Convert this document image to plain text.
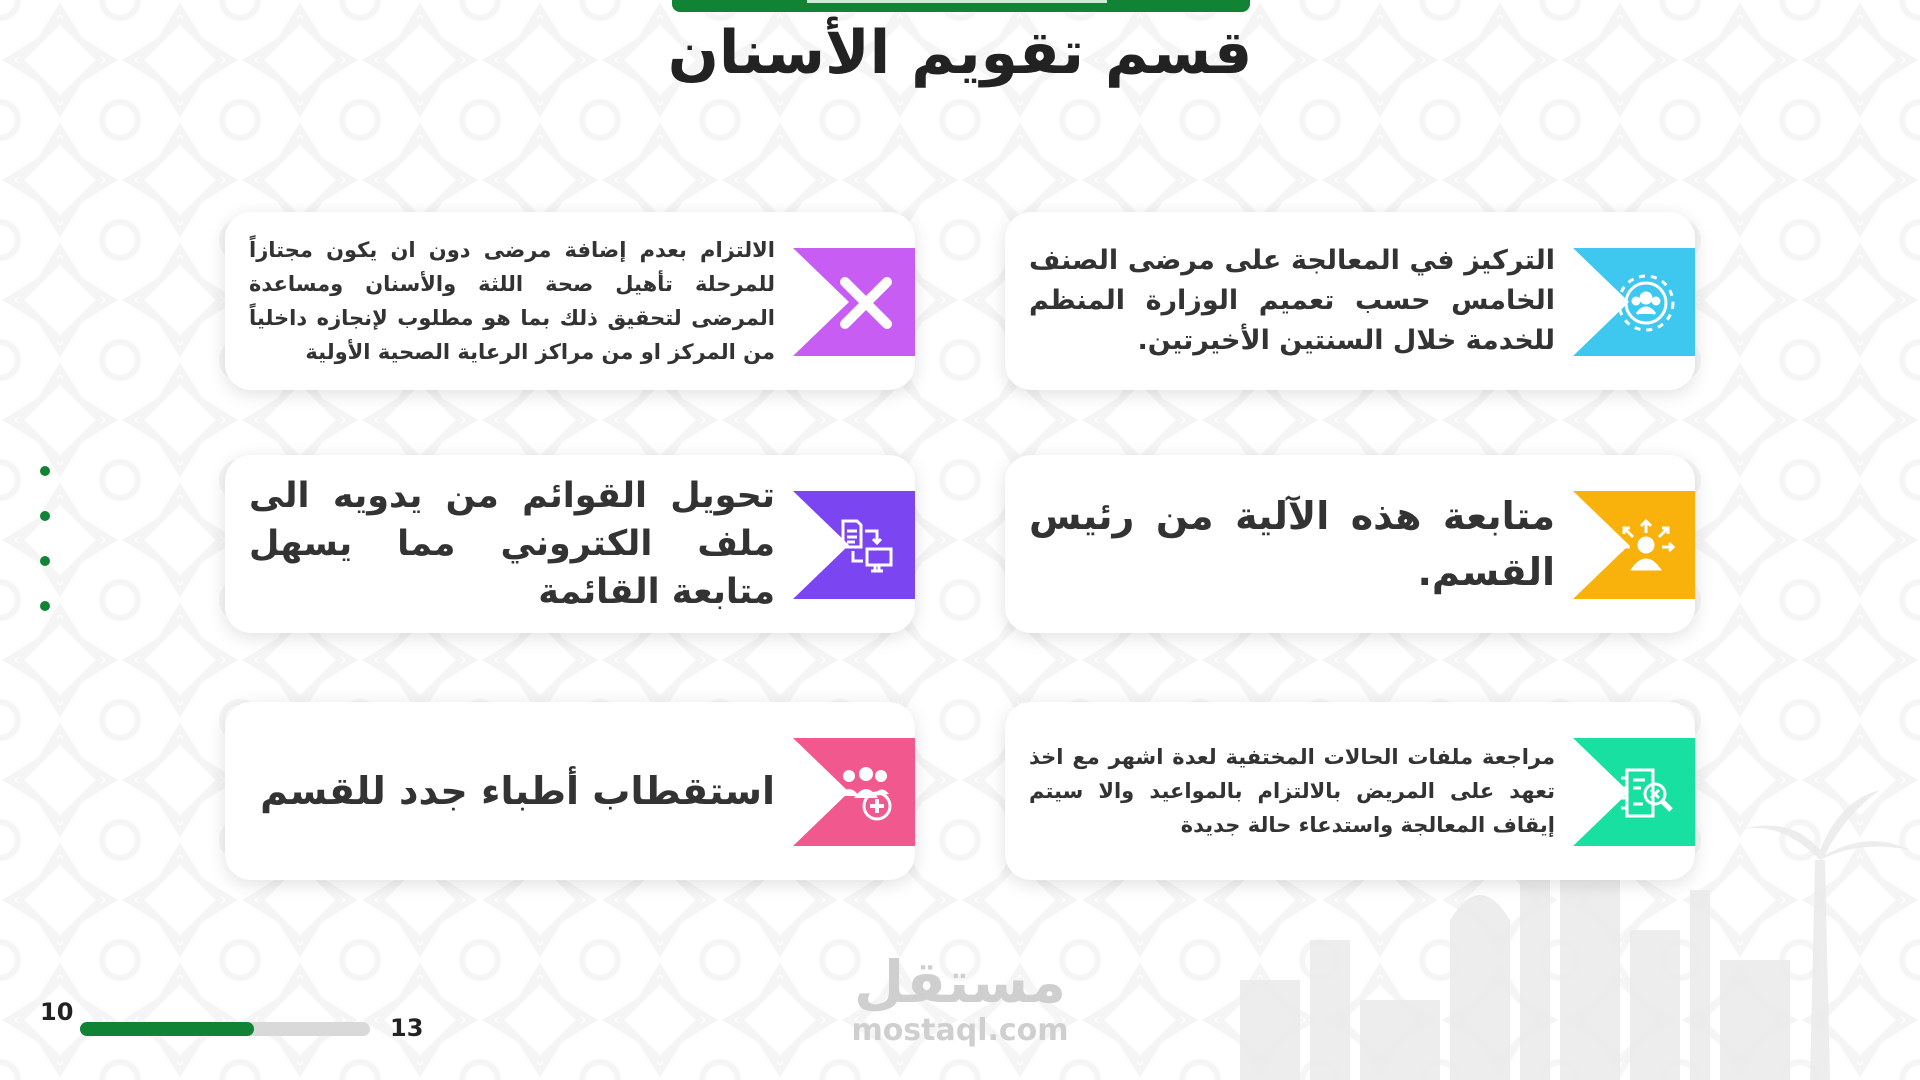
قسم تقويم الأسنان
التركيز في المعالجة على مرضى الصنف الخامس حسب تعميم الوزارة المنظم للخدمة خلال السنتين الأخيرتين.
الالتزام بعدم إضافة مرضى دون ان يكون مجتازاً للمرحلة تأهيل صحة اللثة والأسنان ومساعدة المرضى لتحقيق ذلك بما هو مطلوب لإنجازه داخلياً من المركز او من مراكز الرعاية الصحية الأولية
متابعة هذه الآلية من رئيس القسم.
تحويل القوائم من يدويه الى ملف الكتروني مما يسهل متابعة القائمة
مراجعة ملفات الحالات المختفية لعدة اشهر مع اخذ تعهد على المريض بالالتزام بالمواعيد والا سيتم إيقاف المعالجة واستدعاء حالة جديدة
استقطاب أطباء جدد للقسم
10
13
مستقل
mostaql.com
